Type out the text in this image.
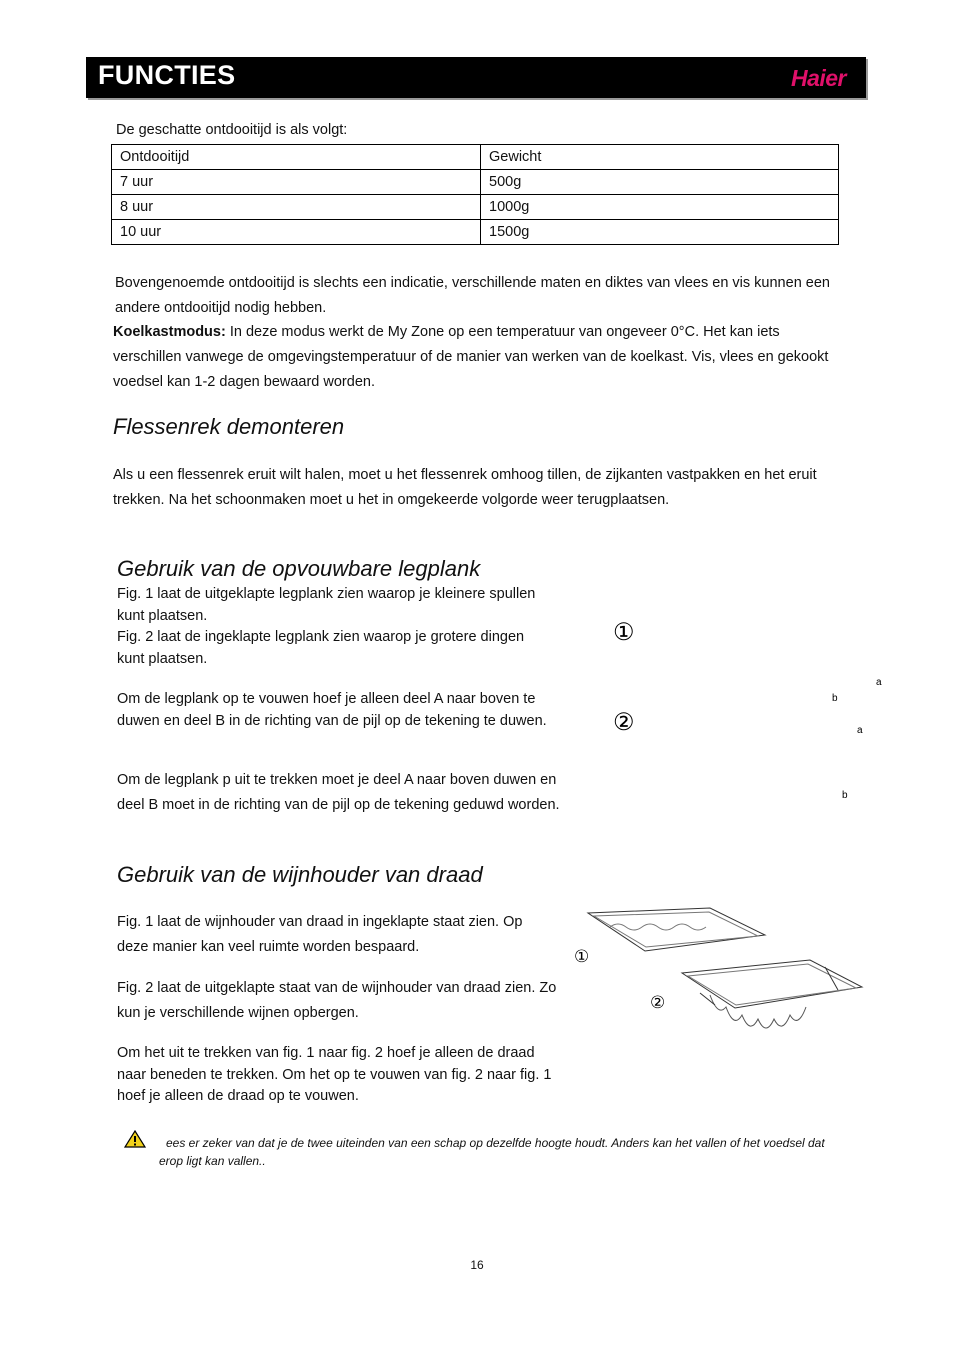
FUNCTIES	Haier
De geschatte ontdooitijd is als volgt:
Ontdooitijd	Gewicht
7 uur	500g
8 uur	1000g
10 uur	1500g
Bovengenoemde ontdooitijd is slechts een indicatie, verschillende maten en diktes van vlees en vis kunnen een andere ontdooitijd nodig hebben.
Koelkastmodus: In deze modus werkt de My Zone op een temperatuur van ongeveer 0°C. Het kan iets verschillen vanwege de omgevingstemperatuur of de manier van werken van de koelkast. Vis, vlees en gekookt voedsel kan 1-2 dagen bewaard worden.
Flessenrek demonteren
Als u een flessenrek eruit wilt halen, moet u het flessenrek omhoog tillen, de zijkanten vastpakken en het eruit trekken. Na het schoonmaken moet u het in omgekeerde volgorde weer terugplaatsen.
Gebruik van de opvouwbare legplank
Fig. 1 laat de uitgeklapte legplank zien waarop je kleinere spullen kunt plaatsen.
Fig. 2 laat de ingeklapte legplank zien waarop je grotere dingen kunt plaatsen.
Om de legplank op te vouwen hoef je alleen deel A naar boven te duwen en deel B in de richting van de pijl op de tekening te duwen.
Om de legplank p uit te trekken moet je deel A naar boven duwen en deel B moet in de richting van de pijl op de tekening geduwd worden.
①
a
b
②	a
b
Gebruik van de wijnhouder van draad
Fig. 1 laat de wijnhouder van draad in ingeklapte staat zien. Op deze manier kan veel ruimte worden bespaard.
Fig. 2 laat de uitgeklapte staat van de wijnhouder van draad zien. Zo kun je verschillende wijnen opbergen.
Om het uit te trekken van fig. 1 naar fig. 2 hoef je alleen de draad naar beneden te trekken. Om het op te vouwen van fig. 2 naar fig. 1 hoef je alleen de draad op te vouwen.
①
②
ees er zeker van dat je de twee uiteinden van een schap op dezelfde hoogte houdt. Anders kan het vallen of het voedsel dat erop ligt kan vallen..
16
